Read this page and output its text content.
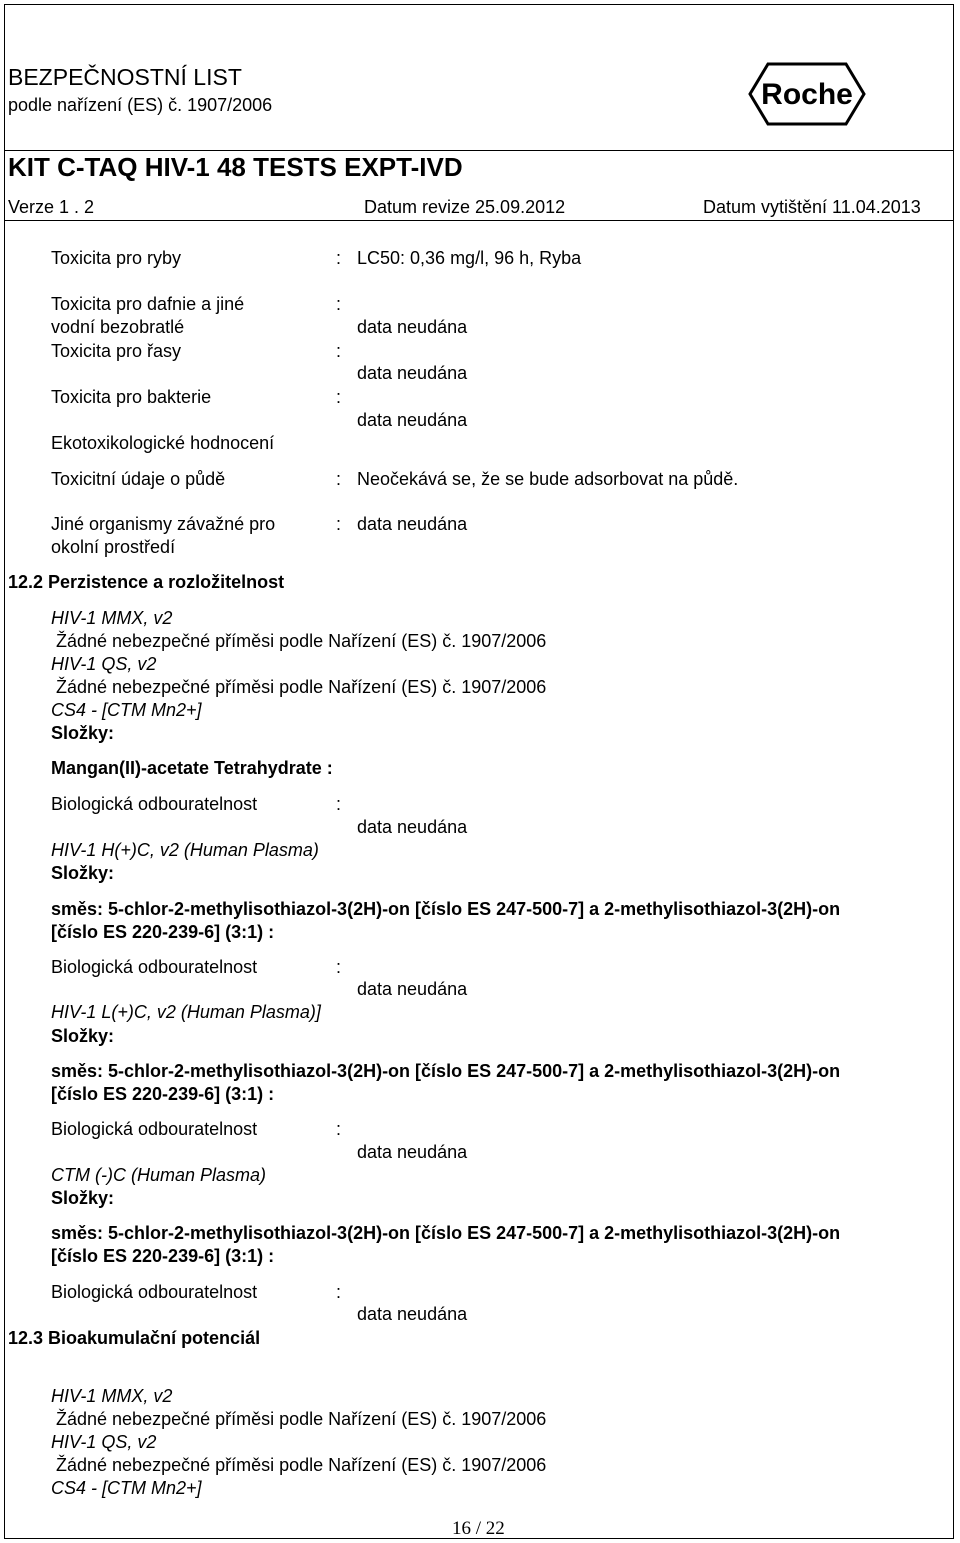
BEZPEČNOSTNÍ LIST
podle nařízení (ES) č. 1907/2006	Roche
KIT C-TAQ HIV-1 48 TESTS EXPT-IVD
Verze 1 . 2	Datum revize 25.09.2012	Datum vytištění 11.04.2013
Toxicita pro ryby	: LC50: 0,36 mg/l, 96 h, Ryba
Toxicita pro dafnie a jiné	:
vodní bezobratlé	data neudána
Toxicita pro řasy	:
data neudána
Toxicita pro bakterie	:
data neudána
Ekotoxikologické hodnocení
Toxicitní údaje o půdě	: Neočekává se, že se bude adsorbovat na půdě.
Jiné organismy závažné pro	: data neudána
okolní prostředí
12.2 Perzistence a rozložitelnost
HIV-1 MMX, v2
Žádné nebezpečné příměsi podle Nařízení (ES) č. 1907/2006
HIV-1 QS, v2
Žádné nebezpečné příměsi podle Nařízení (ES) č. 1907/2006
CS4 - [CTM Mn2+]
Složky:
Mangan(II)-acetate Tetrahydrate :
Biologická odbouratelnost	:
data neudána
HIV-1 H(+)C, v2 (Human Plasma)
Složky:
směs: 5-chlor-2-methylisothiazol-3(2H)-on [číslo ES 247-500-7] a 2-methylisothiazol-3(2H)-on
[číslo ES 220-239-6] (3:1) :
Biologická odbouratelnost	:
data neudána
HIV-1 L(+)C, v2 (Human Plasma)]
Složky:
směs: 5-chlor-2-methylisothiazol-3(2H)-on [číslo ES 247-500-7] a 2-methylisothiazol-3(2H)-on
[číslo ES 220-239-6] (3:1) :
Biologická odbouratelnost	:
data neudána
CTM (-)C (Human Plasma)
Složky:
směs: 5-chlor-2-methylisothiazol-3(2H)-on [číslo ES 247-500-7] a 2-methylisothiazol-3(2H)-on
[číslo ES 220-239-6] (3:1) :
Biologická odbouratelnost	:
data neudána
12.3 Bioakumulační potenciál
HIV-1 MMX, v2
Žádné nebezpečné příměsi podle Nařízení (ES) č. 1907/2006
HIV-1 QS, v2
Žádné nebezpečné příměsi podle Nařízení (ES) č. 1907/2006
CS4 - [CTM Mn2+]
16 / 22
